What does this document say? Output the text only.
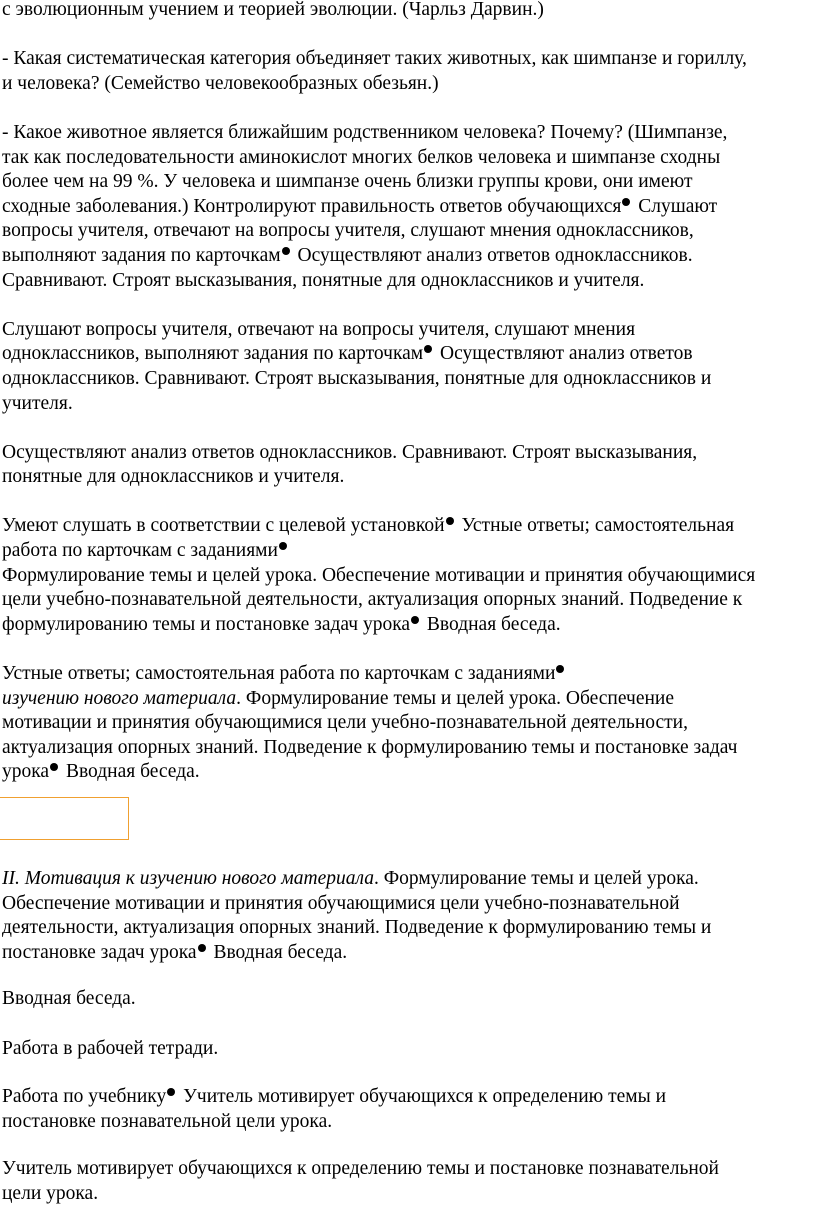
с эволюционным учением и теорией эволюции. (Чарльз Дарвин.)
- Какая систематическая категория объединяет таких животных, как шимпанзе и гориллу,
и человека? (Семейство человекообразных обезьян.)
- Какое животное является ближайшим родственником человека? Почему? (Шимпанзе,
так как последовательности аминокислот многих белков человека и шимпанзе сходны
более чем на 99 %. У человека и шимпанзе очень близки группы крови, они имеют
сходные заболевания.) Контролируют правильность ответов обучающихся Слушают
вопросы учителя, отвечают на вопросы учителя, слушают мнения одноклассников,
выполняют задания по карточкам Осуществляют анализ ответов одноклассников.
Сравнивают. Строят высказывания, понятные для одноклассников и учителя.
Слушают вопросы учителя, отвечают на вопросы учителя, слушают мнения
одноклассников, выполняют задания по карточкам Осуществляют анализ ответов
одноклассников. Сравнивают. Строят высказывания, понятные для одноклассников и
учителя.
Осуществляют анализ ответов одноклассников. Сравнивают. Строят высказывания,
понятные для одноклассников и учителя.
Умеют слушать в соответствии с целевой установкой Устные ответы; самостоятельная
работа по карточкам с заданиями
Формулирование темы и целей урока. Обеспечение мотивации и принятия обучающимися
цели учебно-познавательной деятельности, актуализация опорных знаний. Подведение к
формулированию темы и постановке задач урока Вводная беседа.
Устные ответы; самостоятельная работа по карточкам с заданиями
изучению нового материала. Формулирование темы и целей урока. Обеспечение
мотивации и принятия обучающимися цели учебно-познавательной деятельности,
актуализация опорных знаний. Подведение к формулированию темы и постановке задач
урока Вводная беседа.
II. Мотивация к изучению нового материала. Формулирование темы и целей урока.
Обеспечение мотивации и принятия обучающимися цели учебно-познавательной
деятельности, актуализация опорных знаний. Подведение к формулированию темы и
постановке задач урока Вводная беседа.
Вводная беседа.
Работа в рабочей тетради.
Работа по учебнику Учитель мотивирует обучающихся к определению темы и
постановке познавательной цели урока.
Учитель мотивирует обучающихся к определению темы и постановке познавательной
цели урока.
